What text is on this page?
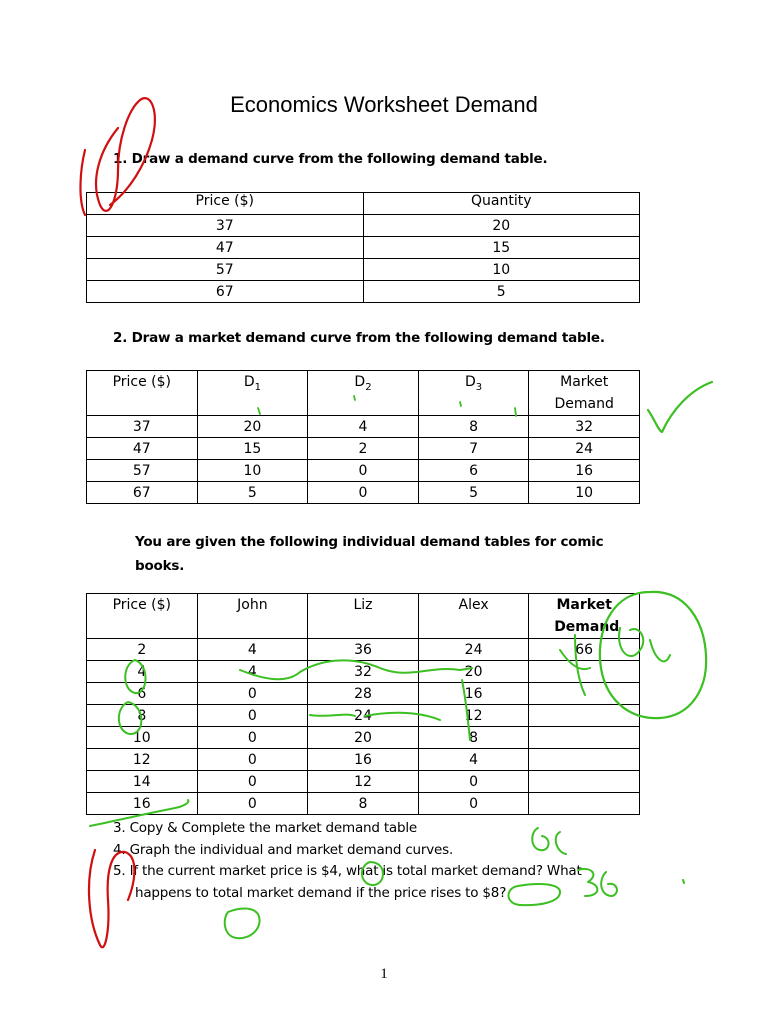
Economics Worksheet Demand
1. Draw a demand curve from the following demand table.
Price ($)	Quantity
37	20
47	15
57	10
67	5
2. Draw a market demand curve from the following demand table.
Price ($)	$D_1$	$D_2$	$D_3$	Market Demand

37	20	4	8	32
47	15	2	7	24
57	10	0	6	16
67	5	0	5	10
You are given the following individual demand tables for comic books.
Price ($)	John	Liz	Alex	Market Demand

2	4	36	24	66
4	4	32	20	
6	0	28	16	
8	0	24	12	
10	0	20	8	
12	0	16	4	
14	0	12	0	
16	0	8	0	
3. Copy & Complete the market demand table
4. Graph the individual and market demand curves.
5. If the current market price is $4, what is total market demand? What
happens to total market demand if the price rises to $8?
1
